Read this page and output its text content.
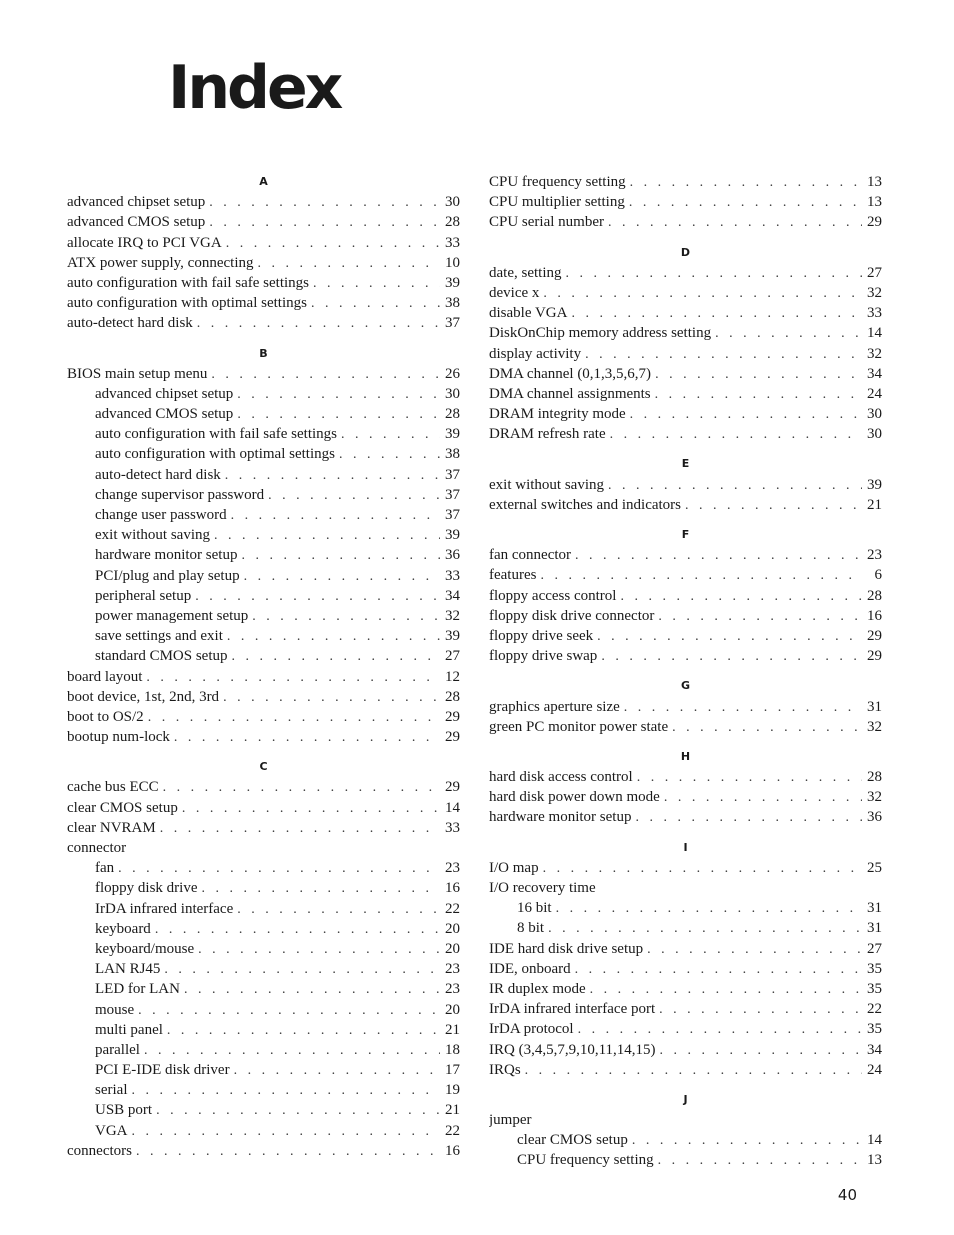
Index
A
advanced chipset setup . . .	30
advanced CMOS setup . . .	28
allocate IRQ to PCI VGA . . .	33
ATX power supply, connecting . . .	10
auto configuration with fail safe settings . . .	39
auto configuration with optimal settings . . .	38
auto-detect hard disk . . .	37
B
BIOS main setup menu . . .	26
advanced chipset setup . . .	30
advanced CMOS setup . . .	28
auto configuration with fail safe settings . . .	39
auto configuration with optimal settings . . .	38
auto-detect hard disk . . .	37
change supervisor password . . .	37
change user password . . .	37
exit without saving . . .	39
hardware monitor setup . . .	36
PCI/plug and play setup . . .	33
peripheral setup . . .	34
power management setup . . .	32
save settings and exit . . .	39
standard CMOS setup . . .	27
board layout . . .	12
boot device, 1st, 2nd, 3rd . . .	28
boot to OS/2 . . .	29
bootup num-lock . . .	29
C
cache bus ECC . . .	29
clear CMOS setup . . .	14
clear NVRAM . . .	33
connector
fan . . .	23
floppy disk drive . . .	16
IrDA infrared interface . . .	22
keyboard . . .	20
keyboard/mouse . . .	20
LAN RJ45 . . .	23
LED for LAN . . .	23
mouse . . .	20
multi panel . . .	21
parallel . . .	18
PCI E-IDE disk driver . . .	17
serial . . .	19
USB port . . .	21
VGA . . .	22
connectors . . .	16
CPU frequency setting . . .	13
CPU multiplier setting . . .	13
CPU serial number . . .	29
D
date, setting . . .	27
device x . . .	32
disable VGA . . .	33
DiskOnChip memory address setting . . .	14
display activity . . .	32
DMA channel (0,1,3,5,6,7) . . .	34
DMA channel assignments . . .	24
DRAM integrity mode . . .	30
DRAM refresh rate . . .	30
E
exit without saving . . .	39
external switches and indicators . . .	21
F
fan connector . . .	23
features . . .	6
floppy access control . . .	28
floppy disk drive connector . . .	16
floppy drive seek . . .	29
floppy drive swap . . .	29
G
graphics aperture size . . .	31
green PC monitor power state . . .	32
H
hard disk access control . . .	28
hard disk power down mode . . .	32
hardware monitor setup . . .	36
I
I/O map . . .	25
I/O recovery time
16 bit . . .	31
8 bit . . .	31
IDE hard disk drive setup . . .	27
IDE, onboard . . .	35
IR duplex mode . . .	35
IrDA infrared interface port . . .	22
IrDA protocol . . .	35
IRQ (3,4,5,7,9,10,11,14,15) . . .	34
IRQs . . .	24
J
jumper
clear CMOS setup . . .	14
CPU frequency setting . . .	13
40
